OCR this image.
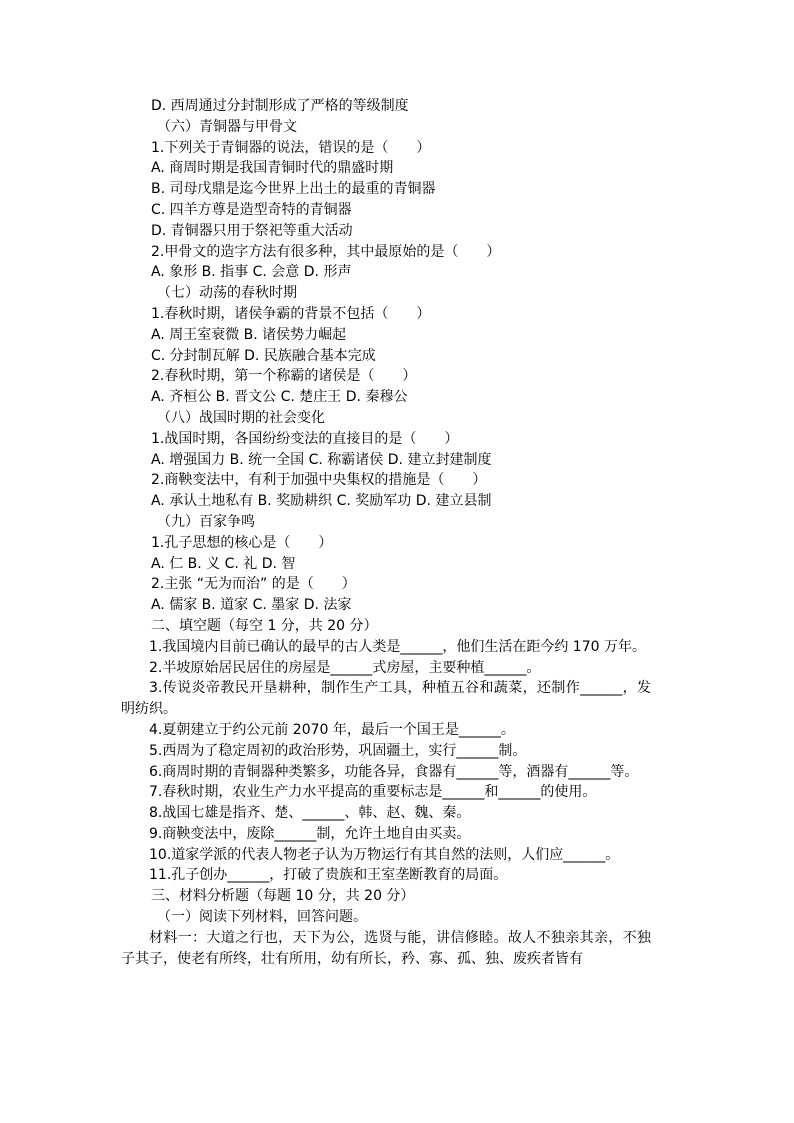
D. 西周通过分封制形成了严格的等级制度

（六）青铜器与甲骨文

1.下列关于青铜器的说法，错误的是（　　）

A. 商周时期是我国青铜时代的鼎盛时期

B. 司母戊鼎是迄今世界上出土的最重的青铜器

C. 四羊方尊是造型奇特的青铜器

D. 青铜器只用于祭祀等重大活动

2.甲骨文的造字方法有很多种，其中最原始的是（　　）

A. 象形 B. 指事 C. 会意 D. 形声

（七）动荡的春秋时期

1.春秋时期，诸侯争霸的背景不包括（　　）

A. 周王室衰微 B. 诸侯势力崛起

C. 分封制瓦解 D. 民族融合基本完成

2.春秋时期，第一个称霸的诸侯是（　　）

A. 齐桓公 B. 晋文公 C. 楚庄王 D. 秦穆公

（八）战国时期的社会变化

1.战国时期，各国纷纷变法的直接目的是（　　）

A. 增强国力 B. 统一全国 C. 称霸诸侯 D. 建立封建制度

2.商鞅变法中，有利于加强中央集权的措施是（　　）

A. 承认土地私有 B. 奖励耕织 C. 奖励军功 D. 建立县制

（九）百家争鸣

1.孔子思想的核心是（　　）

A. 仁 B. 义 C. 礼 D. 智

2.主张 “无为而治” 的是（　　）

A. 儒家 B. 道家 C. 墨家 D. 法家

二、填空题（每空 1 分，共 20 分）

1.我国境内目前已确认的最早的古人类是______，他们生活在距今约 170 万年。

2.半坡原始居民居住的房屋是______式房屋，主要种植______。

3.传说炎帝教民开垦耕种，制作生产工具，种植五谷和蔬菜，还制作______，发明纺织。

4.夏朝建立于约公元前 2070 年，最后一个国王是______。

5.西周为了稳定周初的政治形势，巩固疆土，实行______制。

6.商周时期的青铜器种类繁多，功能各异，食器有______等，酒器有______等。

7.春秋时期，农业生产力水平提高的重要标志是______和______的使用。

8.战国七雄是指齐、楚、______、韩、赵、魏、秦。

9.商鞅变法中，废除______制，允许土地自由买卖。

10.道家学派的代表人物老子认为万物运行有其自然的法则，人们应______。

11.孔子创办______，打破了贵族和王室垄断教育的局面。

三、材料分析题（每题 10 分，共 20 分）

（一）阅读下列材料，回答问题。

材料一：大道之行也，天下为公，选贤与能，讲信修睦。故人不独亲其亲，不独子其子，使老有所终，壮有所用，幼有所长，矜、寡、孤、独、废疾者皆有
